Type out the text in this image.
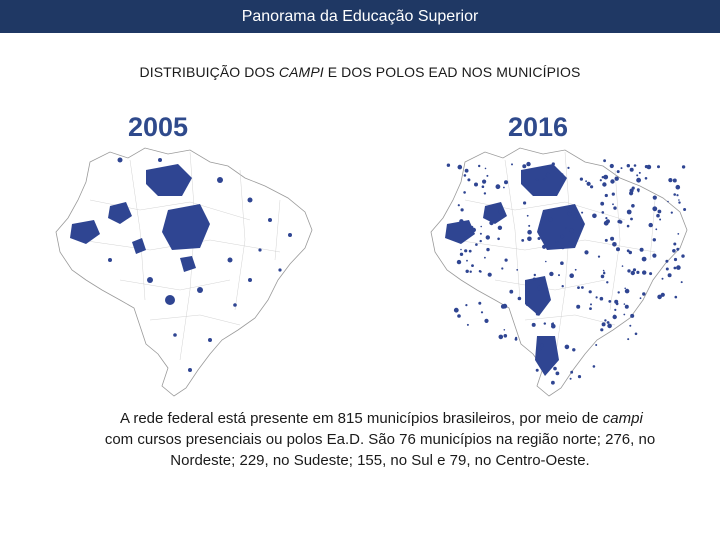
Panorama da Educação Superior
DISTRIBUIÇÃO DOS CAMPI E DOS POLOS EAD NOS MUNICÍPIOS
2005	2016
A rede federal está presente em 815 municípios brasileiros, por meio de campi
com cursos presenciais ou polos Ea.D. São 76 municípios na região norte; 276, no
Nordeste; 229, no Sudeste; 155, no Sul e 79, no Centro-Oeste.
